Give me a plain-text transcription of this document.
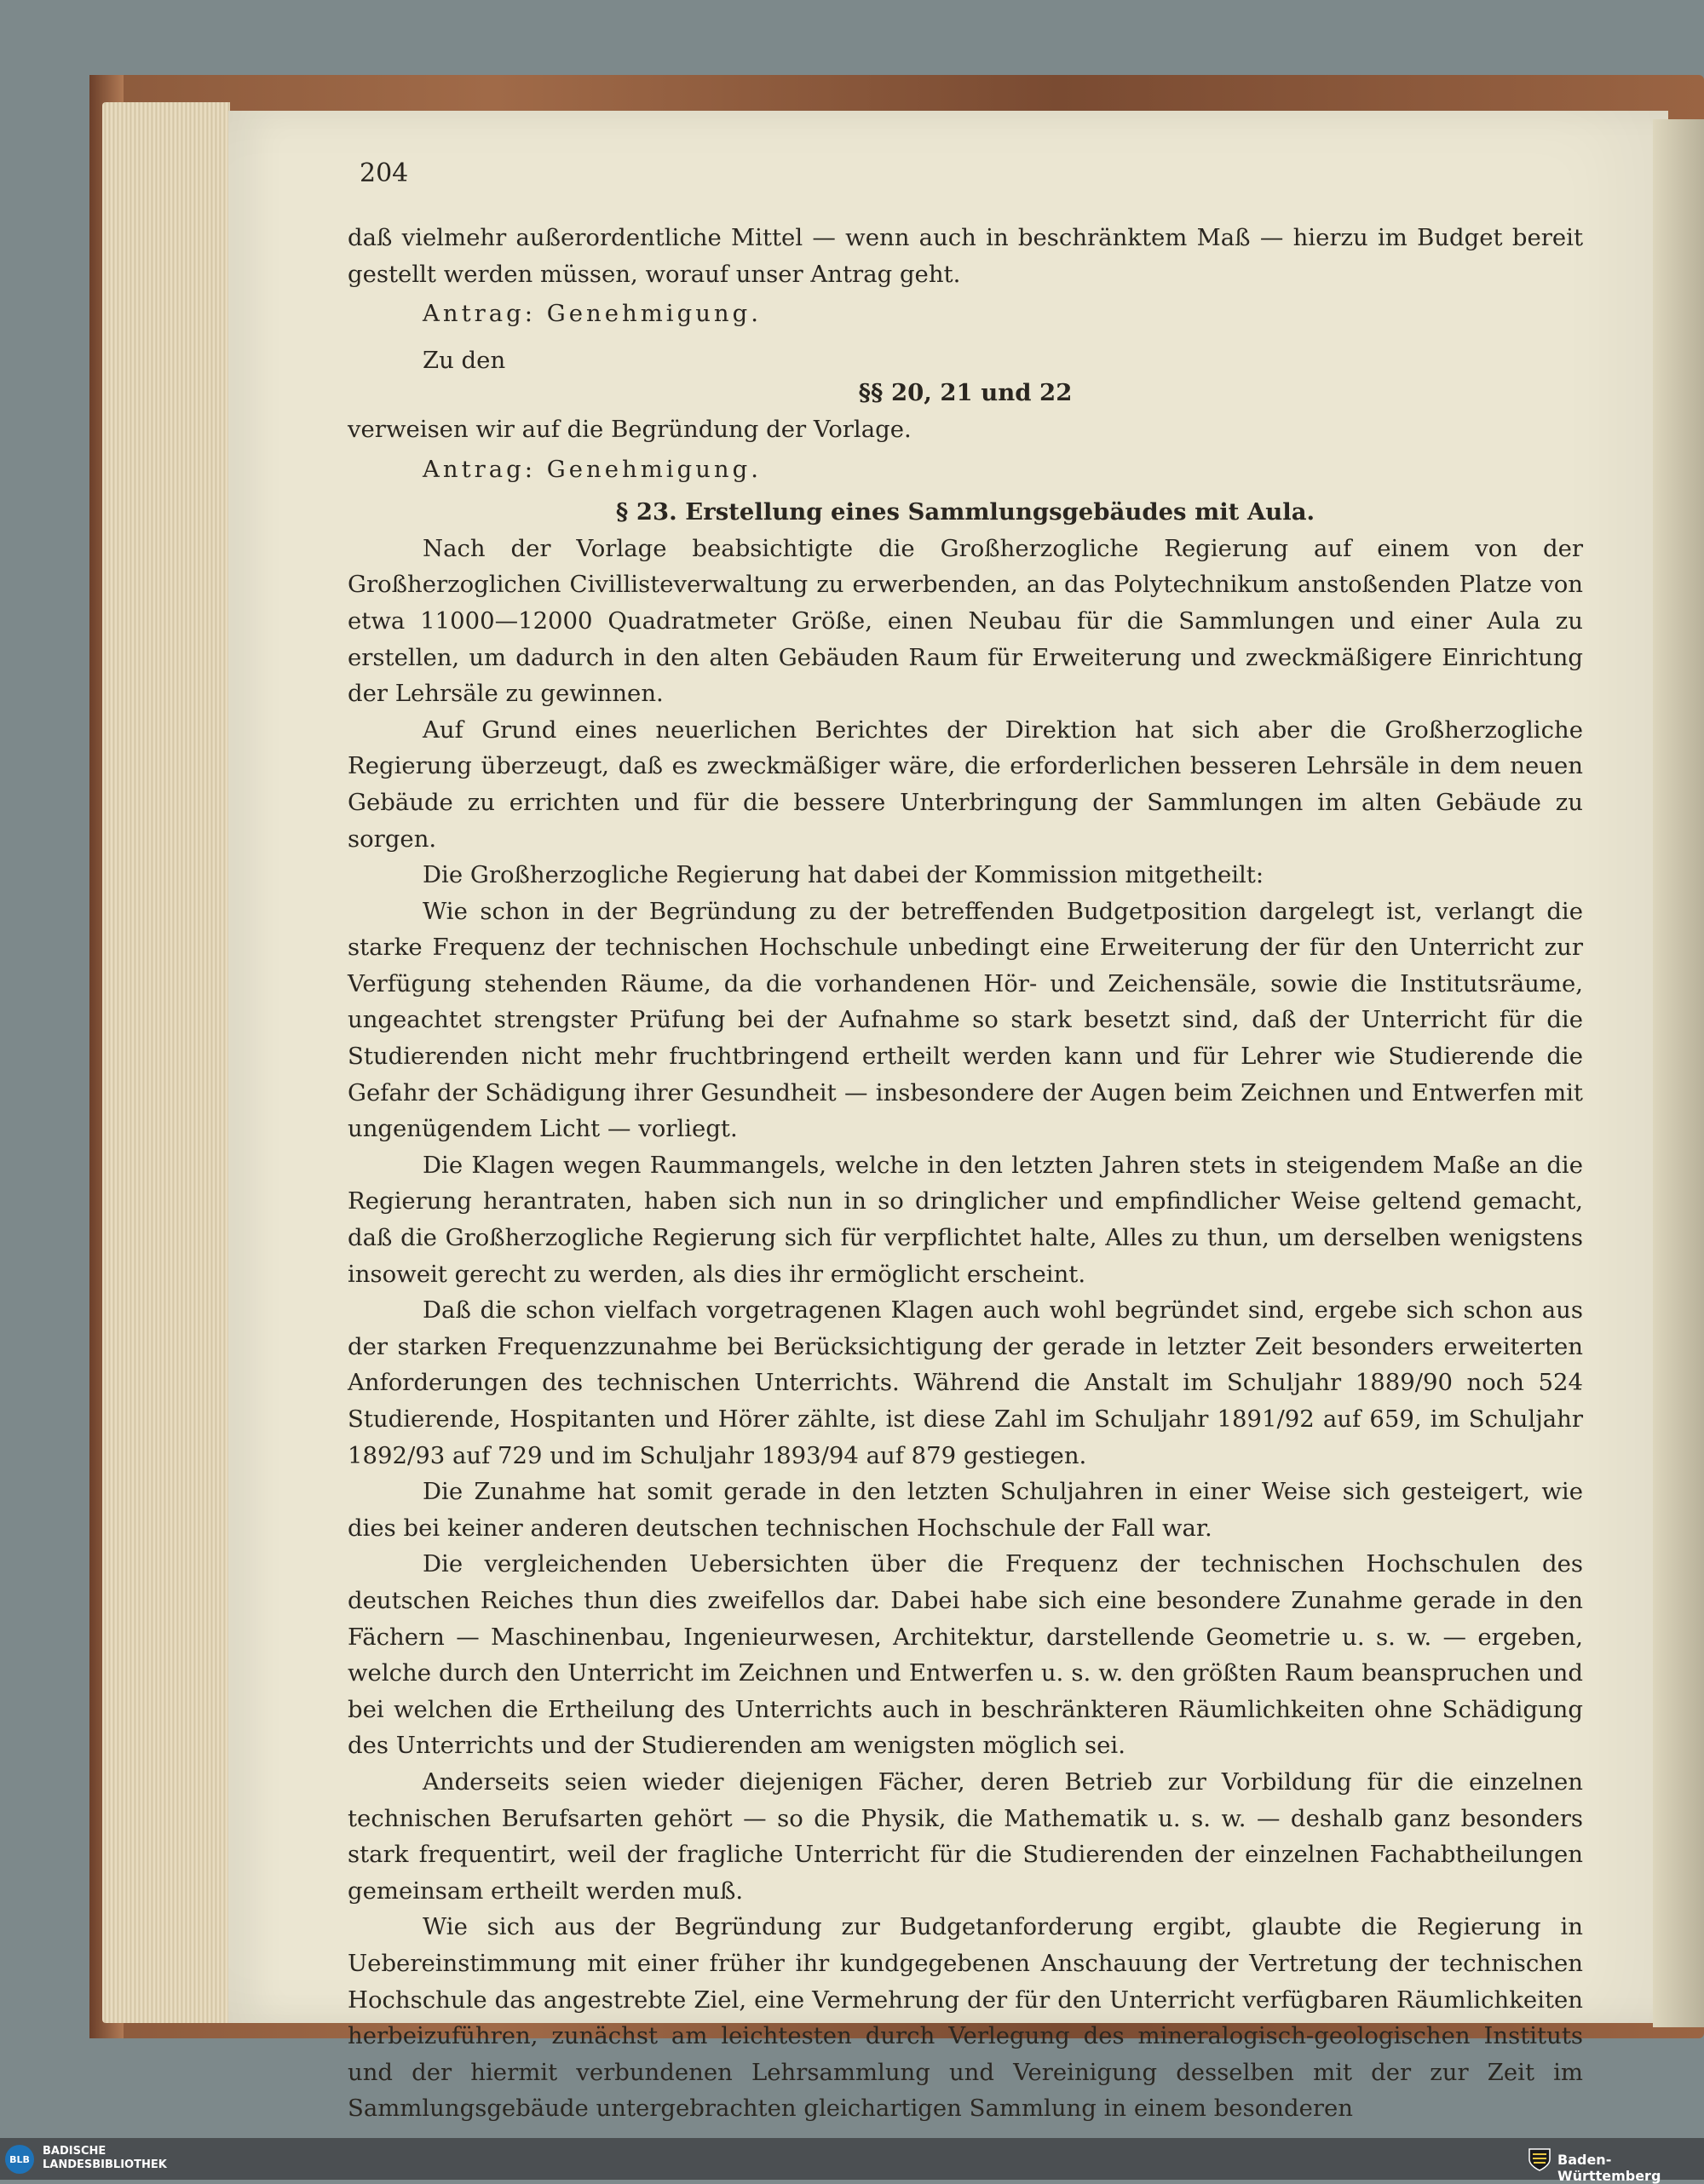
204

daß vielmehr außerordentliche Mittel — wenn auch in beschränktem Maß — hierzu im Budget bereit gestellt werden müssen, worauf unser Antrag geht.

Antrag: Genehmigung.

Zu den

§§ 20, 21 und 22

verweisen wir auf die Begründung der Vorlage.

Antrag: Genehmigung.

§ 23. Erstellung eines Sammlungsgebäudes mit Aula.

Nach der Vorlage beabsichtigte die Großherzogliche Regierung auf einem von der Großherzoglichen Civillisteverwaltung zu erwerbenden, an das Polytechnikum anstoßenden Platze von etwa 11000—12000 Quadratmeter Größe, einen Neubau für die Sammlungen und einer Aula zu erstellen, um dadurch in den alten Gebäuden Raum für Erweiterung und zweckmäßigere Einrichtung der Lehrsäle zu gewinnen.

Auf Grund eines neuerlichen Berichtes der Direktion hat sich aber die Großherzogliche Regierung überzeugt, daß es zweckmäßiger wäre, die erforderlichen besseren Lehrsäle in dem neuen Gebäude zu errichten und für die bessere Unterbringung der Sammlungen im alten Gebäude zu sorgen.

Die Großherzogliche Regierung hat dabei der Kommission mitgetheilt:

Wie schon in der Begründung zu der betreffenden Budgetposition dargelegt ist, verlangt die starke Frequenz der technischen Hochschule unbedingt eine Erweiterung der für den Unterricht zur Verfügung stehenden Räume, da die vorhandenen Hör- und Zeichensäle, sowie die Institutsräume, ungeachtet strengster Prüfung bei der Aufnahme so stark besetzt sind, daß der Unterricht für die Studierenden nicht mehr fruchtbringend ertheilt werden kann und für Lehrer wie Studierende die Gefahr der Schädigung ihrer Gesundheit — insbesondere der Augen beim Zeichnen und Entwerfen mit ungenügendem Licht — vorliegt.

Die Klagen wegen Raummangels, welche in den letzten Jahren stets in steigendem Maße an die Regierung herantraten, haben sich nun in so dringlicher und empfindlicher Weise geltend gemacht, daß die Großherzogliche Regierung sich für verpflichtet halte, Alles zu thun, um derselben wenigstens insoweit gerecht zu werden, als dies ihr ermöglicht erscheint.

Daß die schon vielfach vorgetragenen Klagen auch wohl begründet sind, ergebe sich schon aus der starken Frequenzzunahme bei Berücksichtigung der gerade in letzter Zeit besonders erweiterten Anforderungen des technischen Unterrichts. Während die Anstalt im Schuljahr 1889/90 noch 524 Studierende, Hospitanten und Hörer zählte, ist diese Zahl im Schuljahr 1891/92 auf 659, im Schuljahr 1892/93 auf 729 und im Schuljahr 1893/94 auf 879 gestiegen.

Die Zunahme hat somit gerade in den letzten Schuljahren in einer Weise sich gesteigert, wie dies bei keiner anderen deutschen technischen Hochschule der Fall war.

Die vergleichenden Uebersichten über die Frequenz der technischen Hochschulen des deutschen Reiches thun dies zweifellos dar. Dabei habe sich eine besondere Zunahme gerade in den Fächern — Maschinenbau, Ingenieurwesen, Architektur, darstellende Geometrie u. s. w. — ergeben, welche durch den Unterricht im Zeichnen und Entwerfen u. s. w. den größten Raum beanspruchen und bei welchen die Ertheilung des Unterrichts auch in beschränkteren Räumlichkeiten ohne Schädigung des Unterrichts und der Studierenden am wenigsten möglich sei.

Anderseits seien wieder diejenigen Fächer, deren Betrieb zur Vorbildung für die einzelnen technischen Berufsarten gehört — so die Physik, die Mathematik u. s. w. — deshalb ganz besonders stark frequentirt, weil der fragliche Unterricht für die Studierenden der einzelnen Fachabtheilungen gemeinsam ertheilt werden muß.

Wie sich aus der Begründung zur Budgetanforderung ergibt, glaubte die Regierung in Uebereinstimmung mit einer früher ihr kundgegebenen Anschauung der Vertretung der technischen Hochschule das angestrebte Ziel, eine Vermehrung der für den Unterricht verfügbaren Räumlichkeiten herbeizuführen, zunächst am leichtesten durch Verlegung des mineralogisch-geologischen Instituts und der hiermit verbundenen Lehrsammlung und Vereinigung desselben mit der zur Zeit im Sammlungsgebäude untergebrachten gleichartigen Sammlung in einem besonderen

BLB
BADISCHE
LANDESBIBLIOTHEK	Baden-Württemberg
